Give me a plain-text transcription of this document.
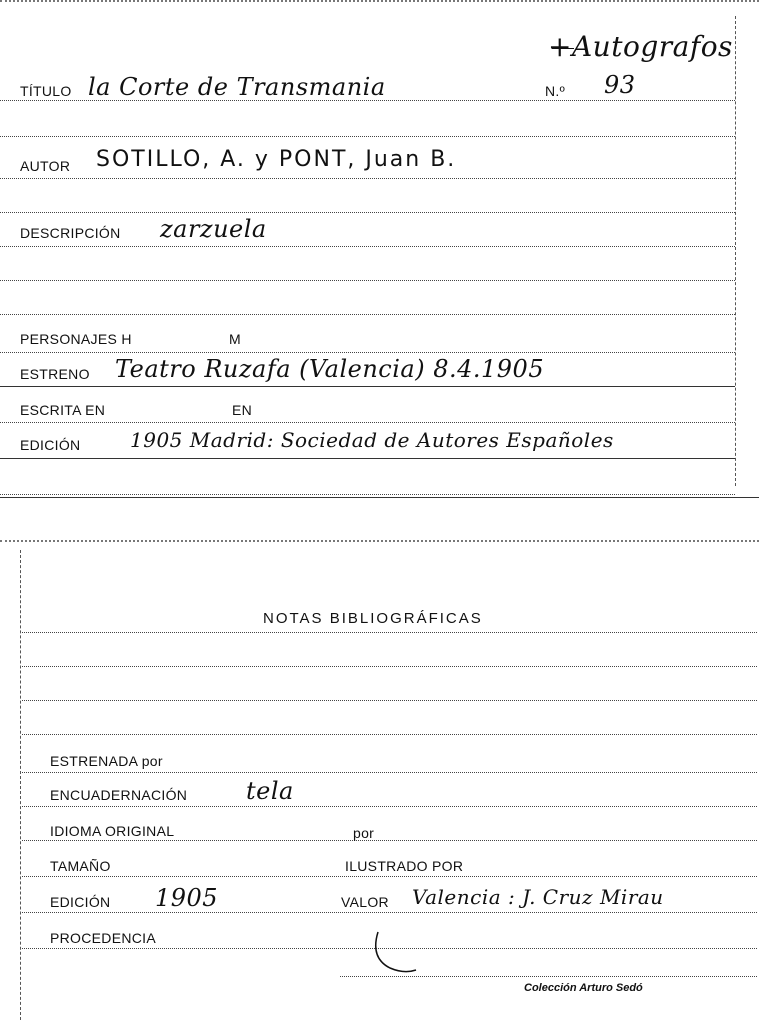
+Autografos
TÍTULO la Corte de Transmania	N.º 93
AUTOR SOTILLO, A. y PONT, Juan B.
DESCRIPCIÓN zarzuela
PERSONAJES H	M
ESTRENO Teatro Ruzafa (Valencia) 8.4.1905
ESCRITA EN	EN
EDICIÓN 1905 Madrid: Sociedad de Autores Españoles
NOTAS BIBLIOGRÁFICAS
ESTRENADA por
ENCUADERNACIÓN tela
IDIOMA ORIGINAL	por
TAMAÑO	ILUSTRADO POR
EDICIÓN 1905	VALOR Valencia : J. Cruz Mirau
PROCEDENCIA
Colección Arturo Sedó
